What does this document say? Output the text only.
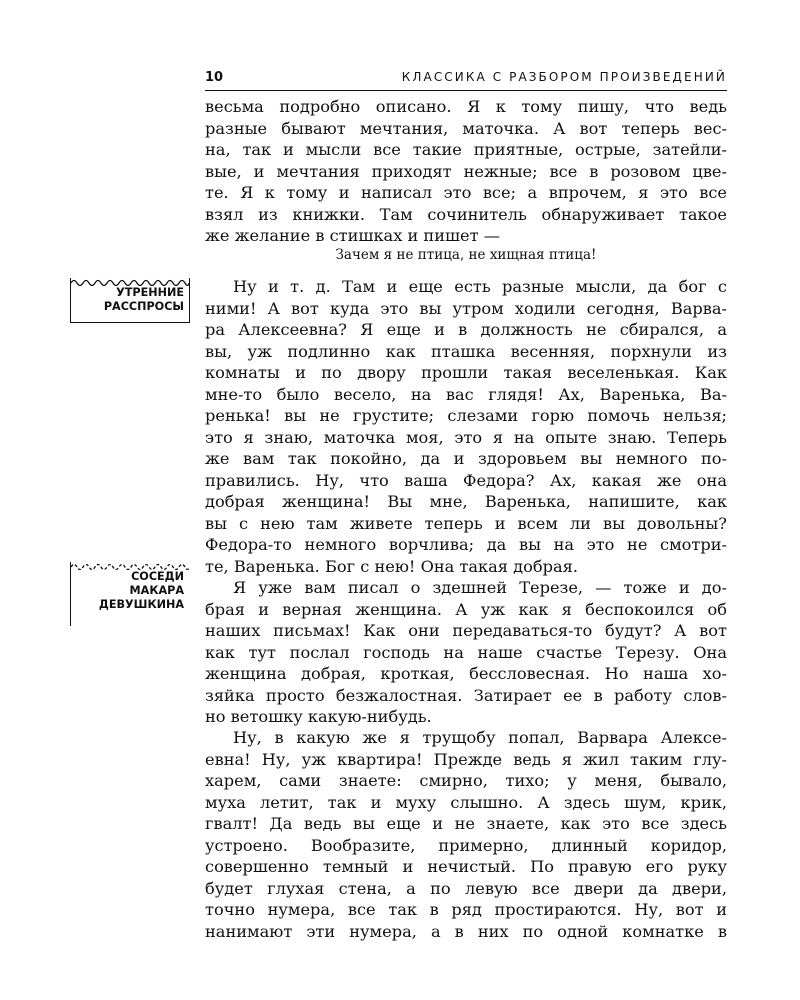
10	КЛАССИКА С РАЗБОРОМ ПРОИЗВЕДЕНИЙ
весьма подробно описано. Я к тому пишу, что ведь
разные бывают мечтания, маточка. А вот теперь вес-
на, так и мысли все такие приятные, острые, затейли-
вые, и мечтания приходят нежные; все в розовом цве-
те. Я к тому и написал это все; а впрочем, я это все
взял из книжки. Там сочинитель обнаруживает такое
же желание в стишках и пишет —
Зачем я не птица, не хищная птица!
УТРЕННИЕ
РАССПРОСЫ
Ну и т. д. Там и еще есть разные мысли, да бог с
ними! А вот куда это вы утром ходили сегодня, Варва-
ра Алексеевна? Я еще и в должность не сбирался, а
вы, уж подлинно как пташка весенняя, порхнули из
комнаты и по двору прошли такая веселенькая. Как
мне-то было весело, на вас глядя! Ах, Варенька, Ва-
ренька! вы не грустите; слезами горю помочь нельзя;
это я знаю, маточка моя, это я на опыте знаю. Теперь
же вам так покойно, да и здоровьем вы немного по-
правились. Ну, что ваша Федора? Ах, какая же она
добрая женщина! Вы мне, Варенька, напишите, как
вы с нею там живете теперь и всем ли вы довольны?
Федора-то немного ворчлива; да вы на это не смотри-
те, Варенька. Бог с нею! Она такая добрая.
СОСЕДИ
МАКАРА
ДЕВУШКИНА
Я уже вам писал о здешней Терезе, — тоже и до-
брая и верная женщина. А уж как я беспокоился об
наших письмах! Как они передаваться-то будут? А вот
как тут послал господь на наше счастье Терезу. Она
женщина добрая, кроткая, бессловесная. Но наша хо-
зяйка просто безжалостная. Затирает ее в работу слов-
но ветошку какую-нибудь.
Ну, в какую же я трущобу попал, Варвара Алексе-
евна! Ну, уж квартира! Прежде ведь я жил таким глу-
харем, сами знаете: смирно, тихо; у меня, бывало,
муха летит, так и муху слышно. А здесь шум, крик,
гвалт! Да ведь вы еще и не знаете, как это все здесь
устроено. Вообразите, примерно, длинный коридор,
совершенно темный и нечистый. По правую его руку
будет глухая стена, а по левую все двери да двери,
точно нумера, все так в ряд простираются. Ну, вот и
нанимают эти нумера, а в них по одной комнатке в
